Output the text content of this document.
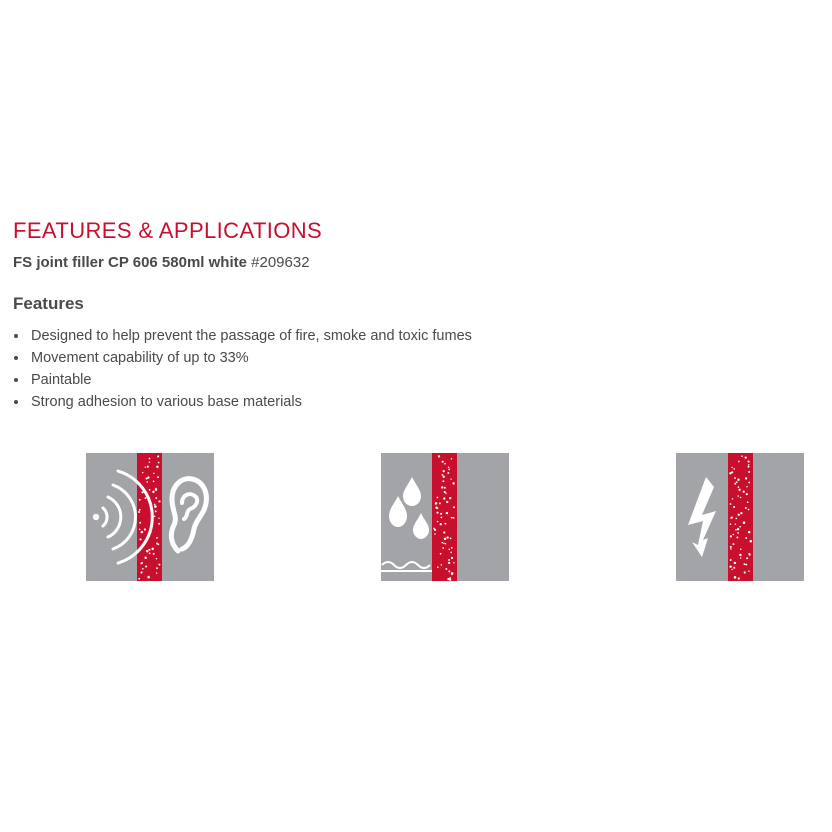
FEATURES & APPLICATIONS
FS joint filler CP 606 580ml white #209632
Features
Designed to help prevent the passage of fire, smoke and toxic fumes
Movement capability of up to 33%
Paintable
Strong adhesion to various base materials
